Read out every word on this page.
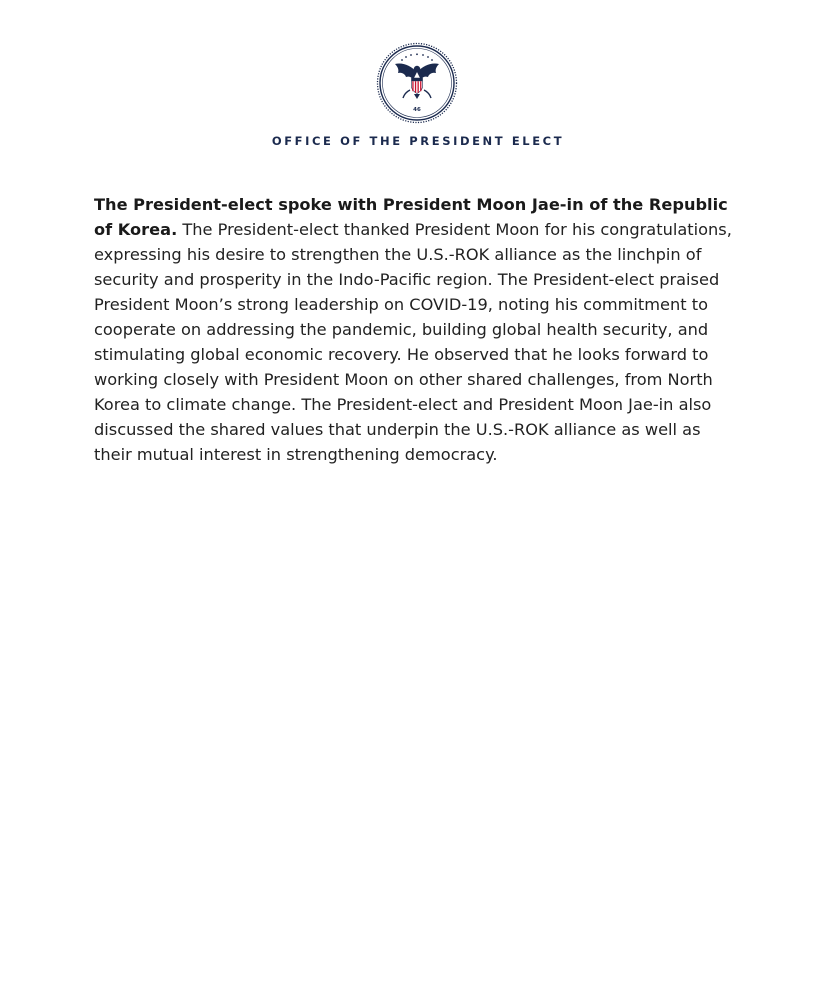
46
OFFICE OF THE PRESIDENT ELECT

The President-elect spoke with President Moon Jae-in of the Republic of Korea. The President-elect thanked President Moon for his congratulations, expressing his desire to strengthen the U.S.-ROK alliance as the linchpin of security and prosperity in the Indo-Pacific region. The President-elect praised President Moon’s strong leadership on COVID-19, noting his commitment to cooperate on addressing the pandemic, building global health security, and stimulating global economic recovery. He observed that he looks forward to working closely with President Moon on other shared challenges, from North Korea to climate change. The President-elect and President Moon Jae-in also discussed the shared values that underpin the U.S.-ROK alliance as well as their mutual interest in strengthening democracy.
